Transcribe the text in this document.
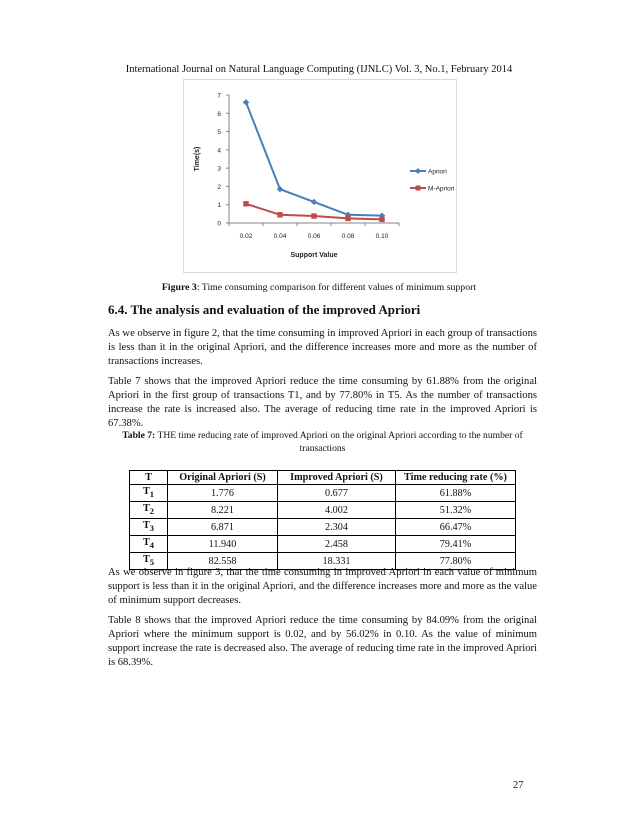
International Journal on Natural Language Computing (IJNLC) Vol. 3, No.1, February 2014
0
1
2
3
4
5
6
7
0.02	0.04	0.06	0.08	0.10
Support Value
Time(s)
Apriori
M-Apriori
Figure 3: Time consuming comparison for different values of minimum support
6.4. The analysis and evaluation of the improved Apriori
As we observe in figure 2, that the time consuming in improved Apriori in each group of transactions is less than it in the original Apriori, and the difference increases more and more as the number of transactions increases.
Table 7 shows that the improved Apriori reduce the time consuming by 61.88% from the original Apriori in the first group of transactions T1, and by 77.80% in T5. As the number of transactions increase the rate is increased also. The average of reducing time rate in the improved Apriori is 67.38%.
Table 7: THE time reducing rate of improved Apriori on the original Apriori according to the number of transactions
T	Original Apriori (S)	Improved Apriori (S)	Time reducing rate (%)
$T_1$	1.776	0.677	61.88%
$T_2$	8.221	4.002	51.32%
$T_3$	6.871	2.304	66.47%
$T_4$	11.940	2.458	79.41%
$T_5$	82.558	18.331	77.80%
As we observe in figure 3, that the time consuming in improved Apriori in each value of minimum support is less than it in the original Apriori, and the difference increases more and more as the value of minimum support decreases.
Table 8 shows that the improved Apriori reduce the time consuming by 84.09% from the original Apriori where the minimum support is 0.02, and by 56.02% in 0.10. As the value of minimum support increase the rate is decreased also. The average of reducing time rate in the improved Apriori is 68.39%.
27
